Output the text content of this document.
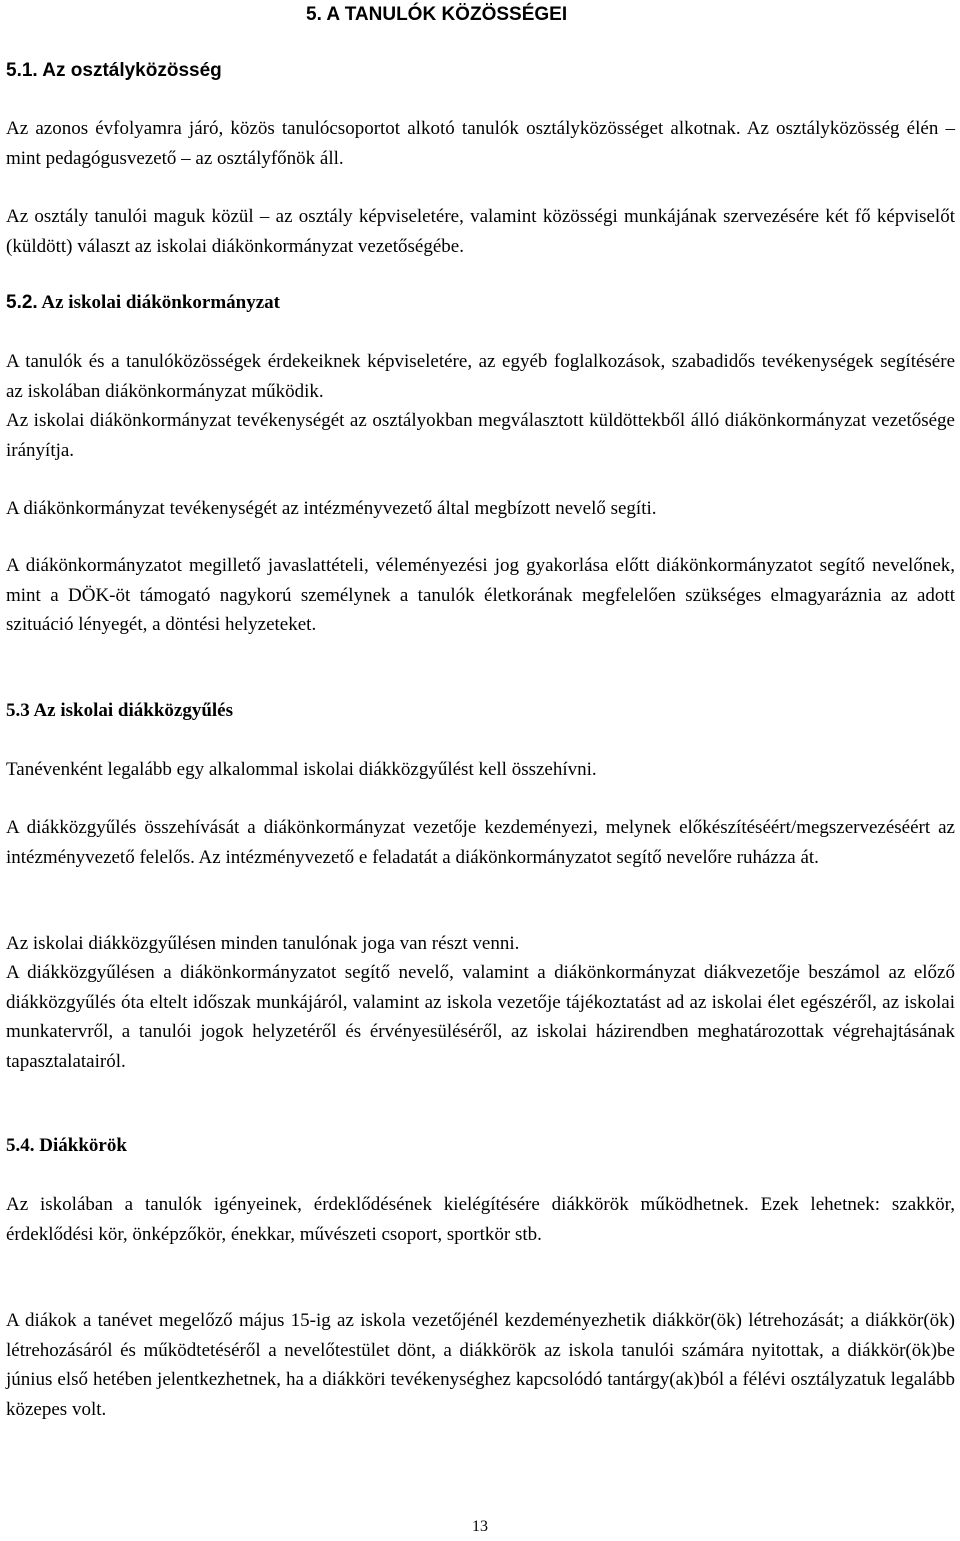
5. A TANULÓK KÖZÖSSÉGEI
5.1. Az osztályközösség

Az azonos évfolyamra járó, közös tanulócsoportot alkotó tanulók osztályközösséget alkotnak. Az osztályközösség élén – mint pedagógusvezető – az osztályfőnök áll.

Az osztály tanulói maguk közül – az osztály képviseletére, valamint közösségi munkájának szervezésére két fő képviselőt (küldött) választ az iskolai diákönkormányzat vezetőségébe.

5.2. Az iskolai diákönkormányzat

A tanulók és a tanulóközösségek érdekeiknek képviseletére, az egyéb foglalkozások, szabadidős tevékenységek segítésére az iskolában diákönkormányzat működik.

Az iskolai diákönkormányzat tevékenységét az osztályokban megválasztott küldöttekből álló diákönkormányzat vezetősége irányítja.

A diákönkormányzat tevékenységét az intézményvezető által megbízott nevelő segíti.

A diákönkormányzatot megillető javaslattételi, véleményezési jog gyakorlása előtt diákönkormányzatot segítő nevelőnek, mint a DÖK-öt támogató nagykorú személynek a tanulók életkorának megfelelően szükséges elmagyaráznia az adott szituáció lényegét, a döntési helyzeteket.

5.3 Az iskolai diákközgyűlés

Tanévenként legalább egy alkalommal iskolai diákközgyűlést kell összehívni.

A diákközgyűlés összehívását a diákönkormányzat vezetője kezdeményezi, melynek előkészítéséért/megszervezéséért az intézményvezető felelős. Az intézményvezető e feladatát a diákönkormányzatot segítő nevelőre ruházza át.

Az iskolai diákközgyűlésen minden tanulónak joga van részt venni.

A diákközgyűlésen a diákönkormányzatot segítő nevelő, valamint a diákönkormányzat diákvezetője beszámol az előző diákközgyűlés óta eltelt időszak munkájáról, valamint az iskola vezetője tájékoztatást ad az iskolai élet egészéről, az iskolai munkatervről, a tanulói jogok helyzetéről és érvényesüléséről, az iskolai házirendben meghatározottak végrehajtásának tapasztalatairól.

5.4. Diákkörök

Az iskolában a tanulók igényeinek, érdeklődésének kielégítésére diákkörök működhetnek. Ezek lehetnek: szakkör, érdeklődési kör, önképzőkör, énekkar, művészeti csoport, sportkör stb.

A diákok a tanévet megelőző május 15-ig az iskola vezetőjénél kezdeményezhetik diákkör(ök) létrehozását; a diákkör(ök) létrehozásáról és működtetéséről a nevelőtestület dönt, a diákkörök az iskola tanulói számára nyitottak, a diákkör(ök)be június első hetében jelentkezhetnek, ha a diákköri tevékenységhez kapcsolódó tantárgy(ak)ból a félévi osztályzatuk legalább közepes volt.

13
